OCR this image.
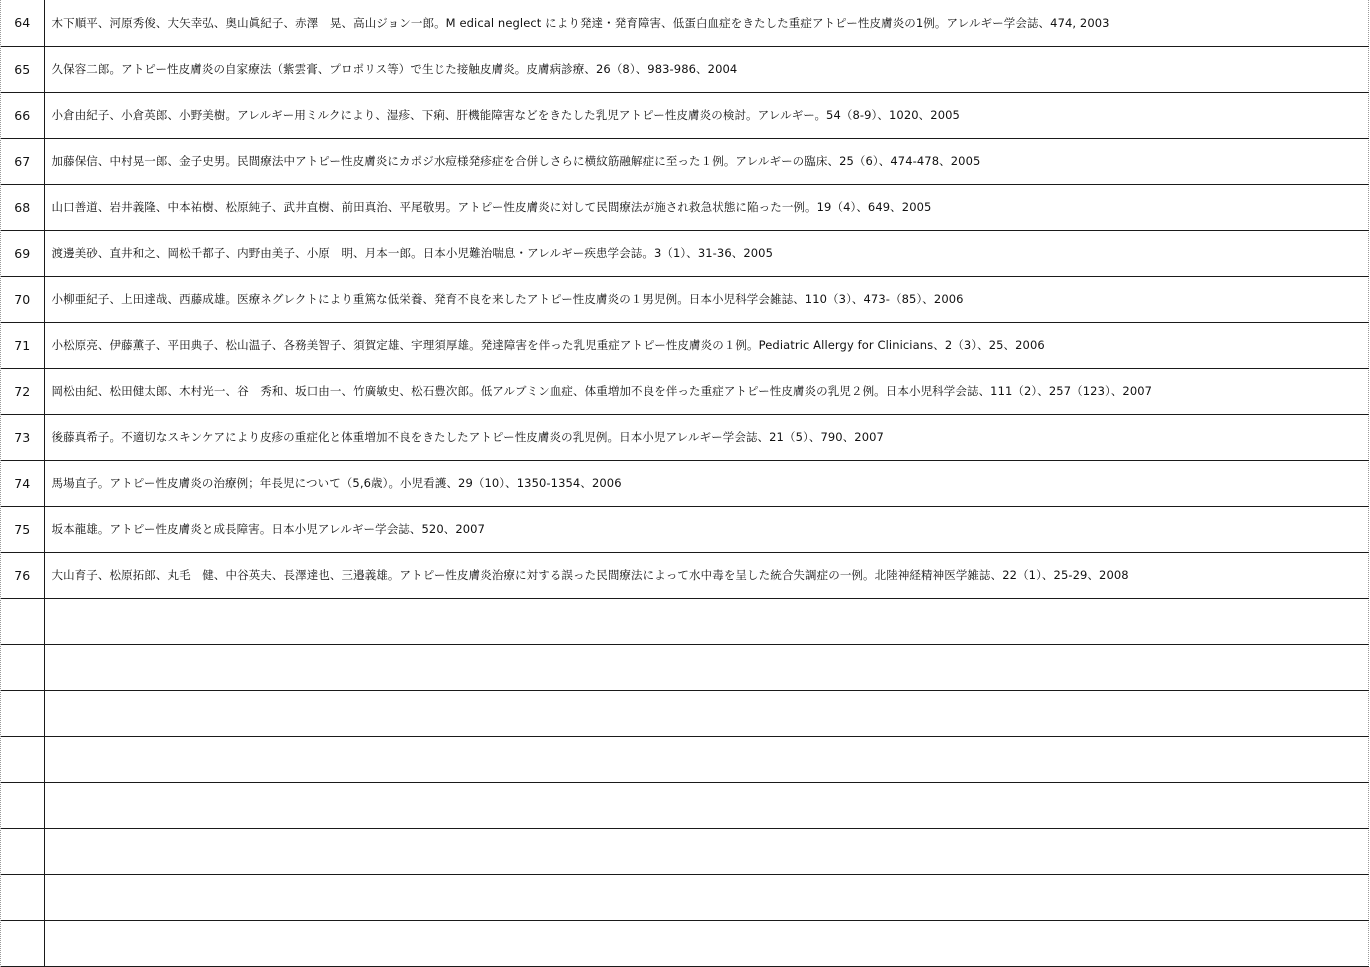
64	木下順平、河原秀俊、大矢幸弘、奥山眞紀子、赤澤　晃、高山ジョン一郎。M edical neglect により発達・発育障害、低蛋白血症をきたした重症アトピー性皮膚炎の1例。アレルギー学会誌、474, 2003
65	久保容二郎。アトピー性皮膚炎の自家療法（紫雲膏、プロポリス等）で生じた接触皮膚炎。皮膚病診療、26（8）、983-986、2004
66	小倉由紀子、小倉英郎、小野美樹。アレルギー用ミルクにより、湿疹、下痢、肝機能障害などをきたした乳児アトピー性皮膚炎の検討。アレルギー。54（8-9）、1020、2005
67	加藤保信、中村晃一郎、金子史男。民間療法中アトピー性皮膚炎にカポジ水痘様発疹症を合併しさらに横紋筋融解症に至った１例。アレルギーの臨床、25（6）、474-478、2005
68	山口善道、岩井義隆、中本祐樹、松原純子、武井直樹、前田真治、平尾敬男。アトピー性皮膚炎に対して民間療法が施され救急状態に陥った一例。19（4）、649、2005
69	渡邊美砂、直井和之、岡松千都子、内野由美子、小原　明、月本一郎。日本小児難治喘息・アレルギー疾患学会誌。3（1）、31-36、2005
70	小柳亜紀子、上田達哉、西藤成雄。医療ネグレクトにより重篤な低栄養、発育不良を来したアトピー性皮膚炎の１男児例。日本小児科学会雑誌、110（3）、473-（85）、2006
71	小松原亮、伊藤薫子、平田典子、松山温子、各務美智子、須賀定雄、宇理須厚雄。発達障害を伴った乳児重症アトピー性皮膚炎の１例。Pediatric Allergy for Clinicians、2（3）、25、2006
72	岡松由紀、松田健太郎、木村光一、谷　秀和、坂口由一、竹廣敏史、松石豊次郎。低アルブミン血症、体重増加不良を伴った重症アトピー性皮膚炎の乳児２例。日本小児科学会誌、111（2）、257（123）、2007
73	後藤真希子。不適切なスキンケアにより皮疹の重症化と体重増加不良をきたしたアトピー性皮膚炎の乳児例。日本小児アレルギー学会誌、21（5）、790、2007
74	馬場直子。アトピー性皮膚炎の治療例；年長児について（5,6歳）。小児看護、29（10）、1350-1354、2006
75	坂本龍雄。アトピー性皮膚炎と成長障害。日本小児アレルギー学会誌、520、2007
76	大山育子、松原拓郎、丸毛　健、中谷英夫、長澤達也、三邉義雄。アトピー性皮膚炎治療に対する誤った民間療法によって水中毒を呈した統合失調症の一例。北陸神経精神医学雑誌、22（1）、25-29、2008
